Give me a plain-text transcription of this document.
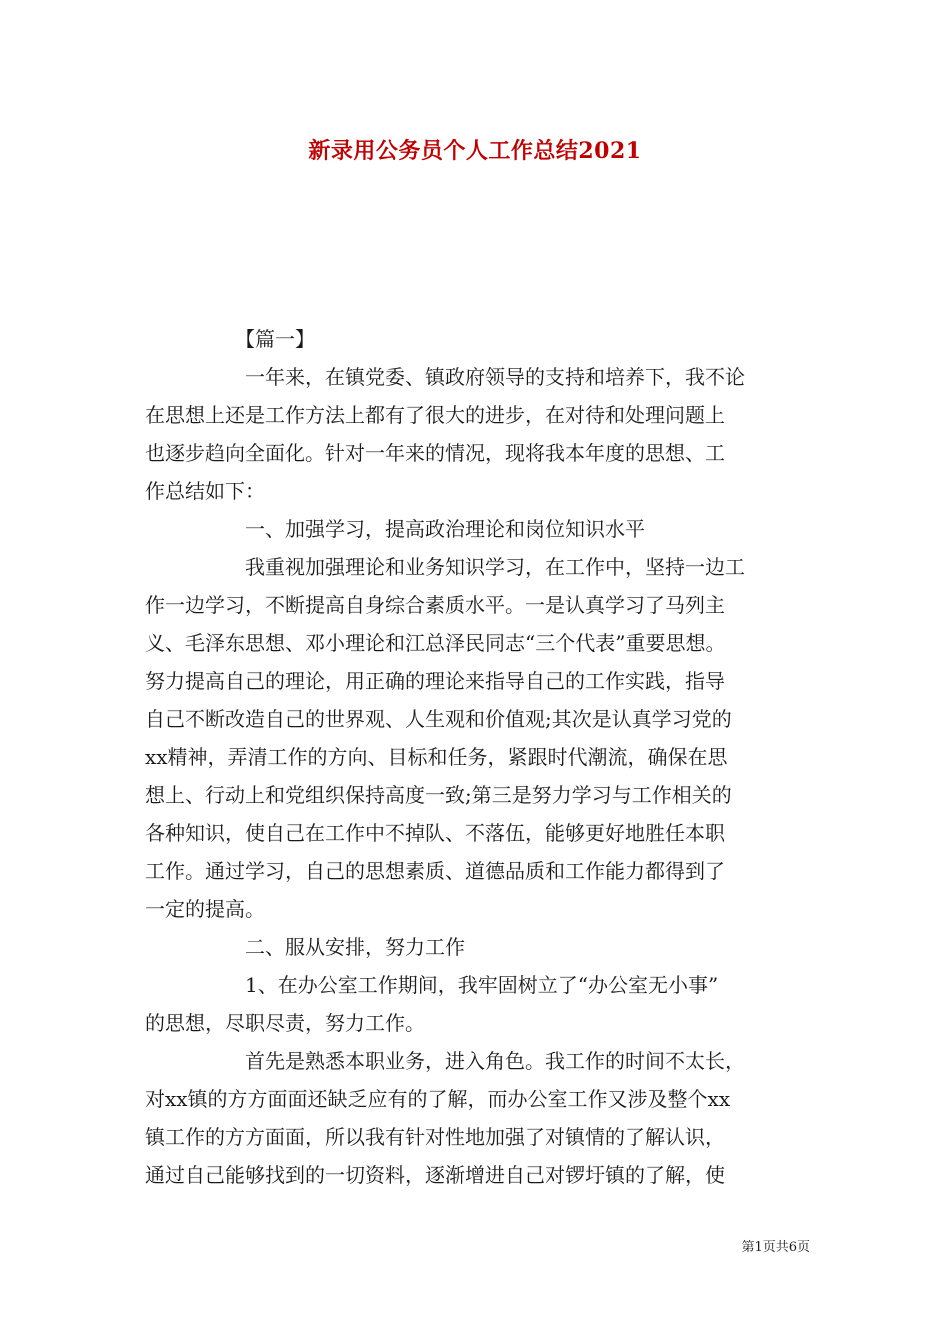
新录用公务员个人工作总结2021
【篇一】
一年来，在镇党委、镇政府领导的支持和培养下，我不论
在思想上还是工作方法上都有了很大的进步，在对待和处理问题上
也逐步趋向全面化。针对一年来的情况，现将我本年度的思想、工
作总结如下：
一、加强学习，提高政治理论和岗位知识水平
我重视加强理论和业务知识学习，在工作中，坚持一边工
作一边学习，不断提高自身综合素质水平。一是认真学习了马列主
义、毛泽东思想、邓小理论和江总泽民同志“三个代表”重要思想。
努力提高自己的理论，用正确的理论来指导自己的工作实践，指导
自己不断改造自己的世界观、人生观和价值观;其次是认真学习党的
xx精神，弄清工作的方向、目标和任务，紧跟时代潮流，确保在思
想上、行动上和党组织保持高度一致;第三是努力学习与工作相关的
各种知识，使自己在工作中不掉队、不落伍，能够更好地胜任本职
工作。通过学习，自己的思想素质、道德品质和工作能力都得到了
一定的提高。
二、服从安排，努力工作
1、在办公室工作期间，我牢固树立了“办公室无小事”
的思想，尽职尽责，努力工作。
首先是熟悉本职业务，进入角色。我工作的时间不太长，
对xx镇的方方面面还缺乏应有的了解，而办公室工作又涉及整个xx
镇工作的方方面面，所以我有针对性地加强了对镇情的了解认识，
通过自己能够找到的一切资料，逐渐增进自己对锣圩镇的了解，使
第1页共6页
